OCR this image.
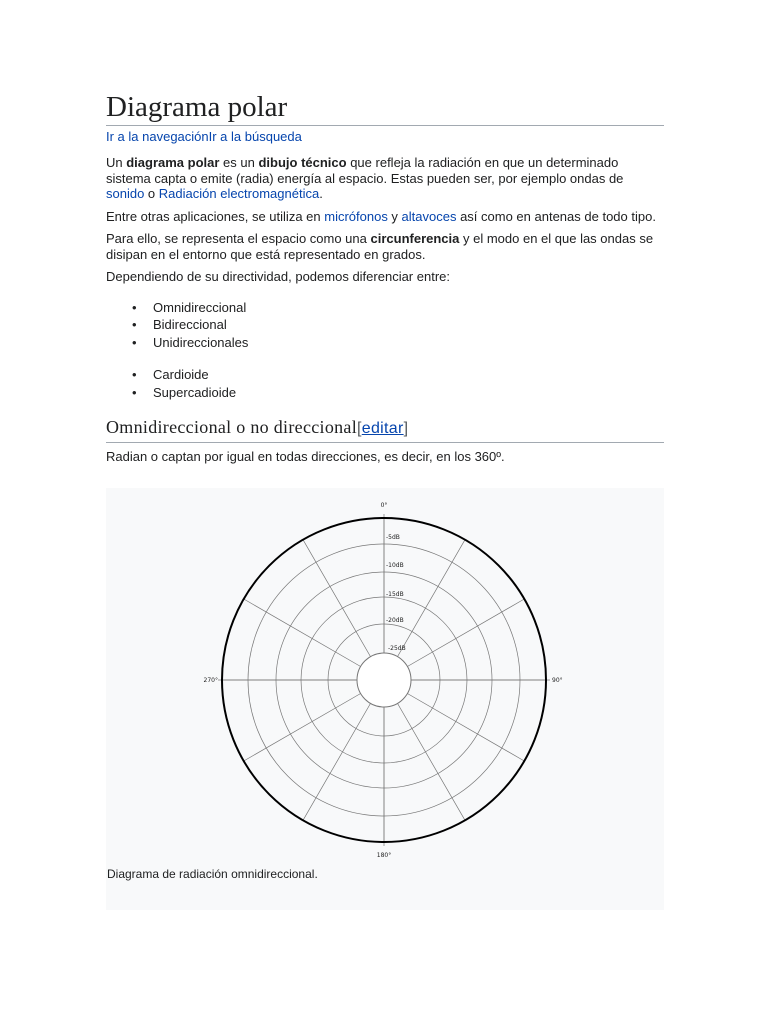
Diagrama polar
Ir a la navegaciónIr a la búsqueda

Un diagrama polar es un dibujo técnico que refleja la radiación en que un determinado sistema capta o emite (radia) energía al espacio. Estas pueden ser, por ejemplo ondas de sonido o Radiación electromagnética.

Entre otras aplicaciones, se utiliza en micrófonos y altavoces así como en antenas de todo tipo.

Para ello, se representa el espacio como una circunferencia y el modo en el que las ondas se disipan en el entorno que está representado en grados.

Dependiendo de su directividad, podemos diferenciar entre:

• Omnidireccional
• Bidireccional
• Unidireccionales
• Cardioide
• Supercadioide
Omnidireccional o no direccional[editar]

Radian o captan por igual en todas direcciones, es decir, en los 360º.

0°
90°
180°
270°
-5dB
-10dB
-15dB
-20dB
-25dB
Diagrama de radiación omnidireccional.
